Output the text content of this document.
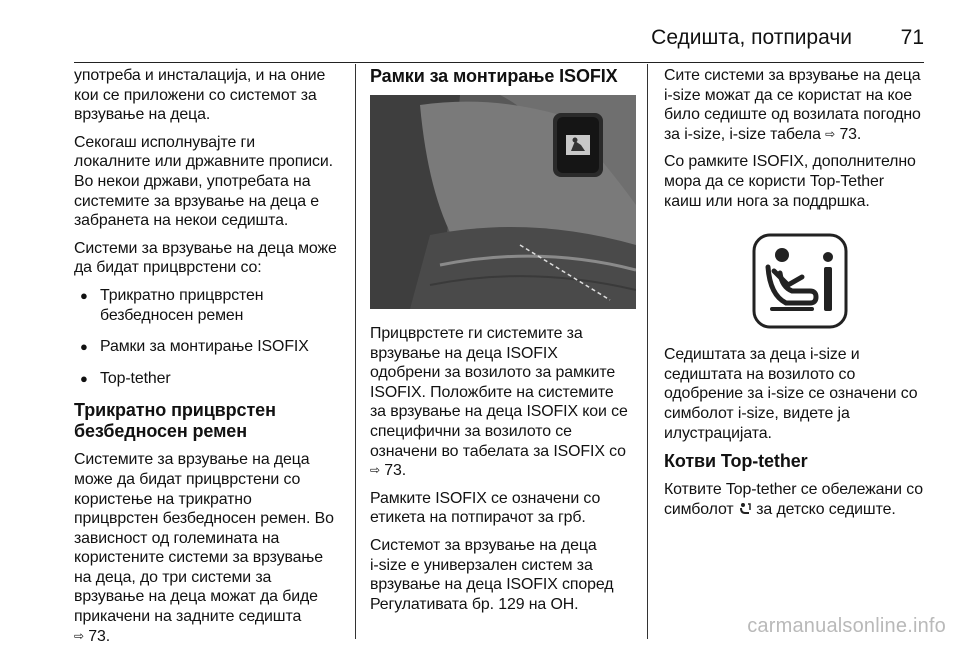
Седишта, потпирачи 71

употреба и инсталација, и на оние
кои се приложени со системот за
врзување на деца.

Секогаш исполнувајте ги
локалните или државните прописи.
Во некои држави, употребата на
системите за врзување на деца е
забранета на некои седишта.

Системи за врзување на деца може
да бидат прицврстени со:

● Трикратно прицврстен
безбедносен ремен
● Рамки за монтирање ISOFIX
● Top-tether
Трикратно прицврстен
безбедносен ремен

Системите за врзување на деца
може да бидат прицврстени со
користење на трикратно
прицврстен безбедносен ремен. Во
зависност од големината на
користените системи за врзување
на деца, до три системи за
врзување на деца можат да биде
прикачени на задните седишта
⇨ 73.

Рамки за монтирање ISOFIX

Прицврстете ги системите за
врзување на деца ISOFIX
одобрени за возилото за рамките
ISOFIX. Положбите на системите
за врзување на деца ISOFIX кои се
специфични за возилото се
означени во табелата за ISOFIX со
⇨ 73.

Рамките ISOFIX се означени со
етикета на потпирачот за грб.

Системот за врзување на деца
i-size е универзален систем за
врзување на деца ISOFIX според
Регулативата бр. 129 на ОН.

Сите системи за врзување на деца
i-size можат да се користат на кое
било седиште од возилата погодно
за i-size, i-size табела ⇨ 73.

Со рамките ISOFIX, дополнително
мора да се користи Top-Tether
каиш или нога за поддршка.

Седиштата за деца i-size и
седиштата на возилото со
одобрение за i-size се означени со
симболот i-size, видете ја
илустрацијата.

Котви Top-tether

Котвите Top-tether се обележани со
симболот  за детско седиште.

carmanualsonline.info
